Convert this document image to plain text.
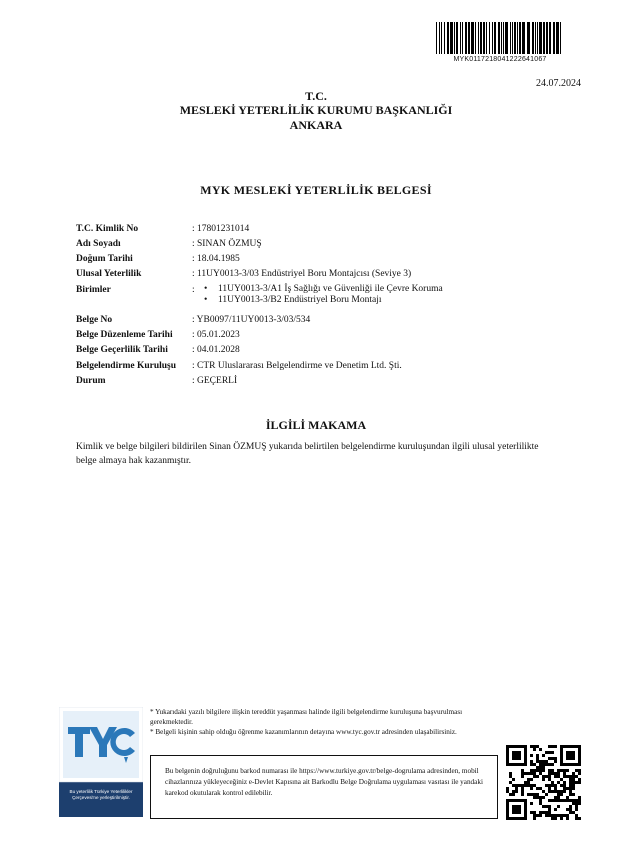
MYK01172180412226410​67
24.07.2024
T.C.
MESLEKİ YETERLİLİK KURUMU BAŞKANLIĞI
ANKARA
MYK MESLEKİ YETERLİLİK BELGESİ
T.C. Kimlik No	: 17801231014
Adı Soyadı	: SINAN ÖZMUŞ
Doğum Tarihi	: 18.04.1985
Ulusal Yeterlilik	: 11UY0013-3/03 Endüstriyel Boru Montajcısı (Seviye 3)
Birimler	: • 11UY0013-3/A1 İş Sağlığı ve Güvenliği ile Çevre Koruma
• 11UY0013-3/B2 Endüstriyel Boru Montajı
Belge No	: YB0097/11UY0013-3/03/534
Belge Düzenleme Tarihi	: 05.01.2023
Belge Geçerlilik Tarihi	: 04.01.2028
Belgelendirme Kuruluşu	: CTR Uluslararası Belgelendirme ve Denetim Ltd. Şti.
Durum	: GEÇERLİ
İLGİLİ MAKAMA
Kimlik ve belge bilgileri bildirilen Sinan ÖZMUŞ yukarıda belirtilen belgelendirme kuruluşundan ilgili ulusal yeterlilikte belge almaya hak kazanmıştır.
Bu yeterlilik Türkiye Yeterlilikler Çerçevesi'ne yerleştirilmiştir.
* Yukarıdaki yazılı bilgilere ilişkin tereddüt yaşanması halinde ilgili belgelendirme kuruluşuna başvurulması gerekmektedir.
* Belgeli kişinin sahip olduğu öğrenme kazanımlarının detayına www.tyc.gov.tr adresinden ulaşabilirsiniz.
Bu belgenin doğruluğunu barkod numarası ile https://www.turkiye.gov.tr/belge-dogrulama adresinden, mobil cihazlarınıza yükleyeceğiniz e-Devlet Kapısına ait Barkodlu Belge Doğrulama uygulaması vasıtası ile yandaki karekod okutularak kontrol edilebilir.
